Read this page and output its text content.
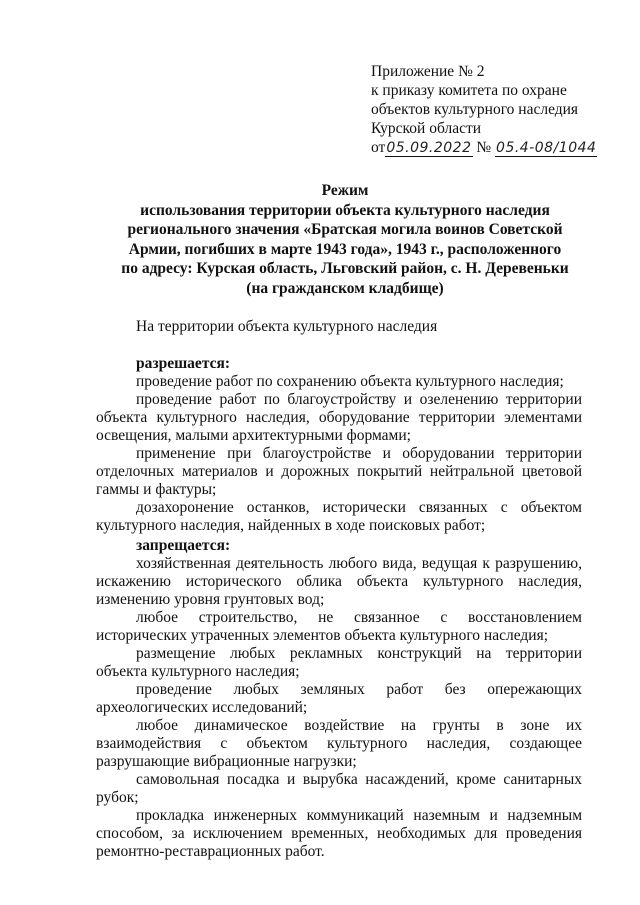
Приложение № 2
к приказу комитета по охране
объектов культурного наследия
Курской области
от05.09.2022 № 05.4-08/1044
Режим
использования территории объекта культурного наследия
регионального значения «Братская могила воинов Советской
Армии, погибших в марте 1943 года», 1943 г., расположенного
по адресу: Курская область, Льговский район, с. Н. Деревеньки
(на гражданском кладбище)
На территории объекта культурного наследия
разрешается:
проведение работ по сохранению объекта культурного наследия;
проведение работ по благоустройству и озеленению территории объекта культурного наследия, оборудование территории элементами освещения, малыми архитектурными формами;
применение при благоустройстве и оборудовании территории отделочных материалов и дорожных покрытий нейтральной цветовой гаммы и фактуры;
дозахоронение останков, исторически связанных с объектом культурного наследия, найденных в ходе поисковых работ;
запрещается:
хозяйственная деятельность любого вида, ведущая к разрушению, искажению исторического облика объекта культурного наследия, изменению уровня грунтовых вод;
любое строительство, не связанное с восстановлением исторических утраченных элементов объекта культурного наследия;
размещение любых рекламных конструкций на территории объекта культурного наследия;
проведение любых земляных работ без опережающих археологических исследований;
любое динамическое воздействие на грунты в зоне их взаимодействия с объектом культурного наследия, создающее разрушающие вибрационные нагрузки;
самовольная посадка и вырубка насаждений, кроме санитарных рубок;
прокладка инженерных коммуникаций наземным и надземным способом, за исключением временных, необходимых для проведения ремонтно-реставрационных работ.
